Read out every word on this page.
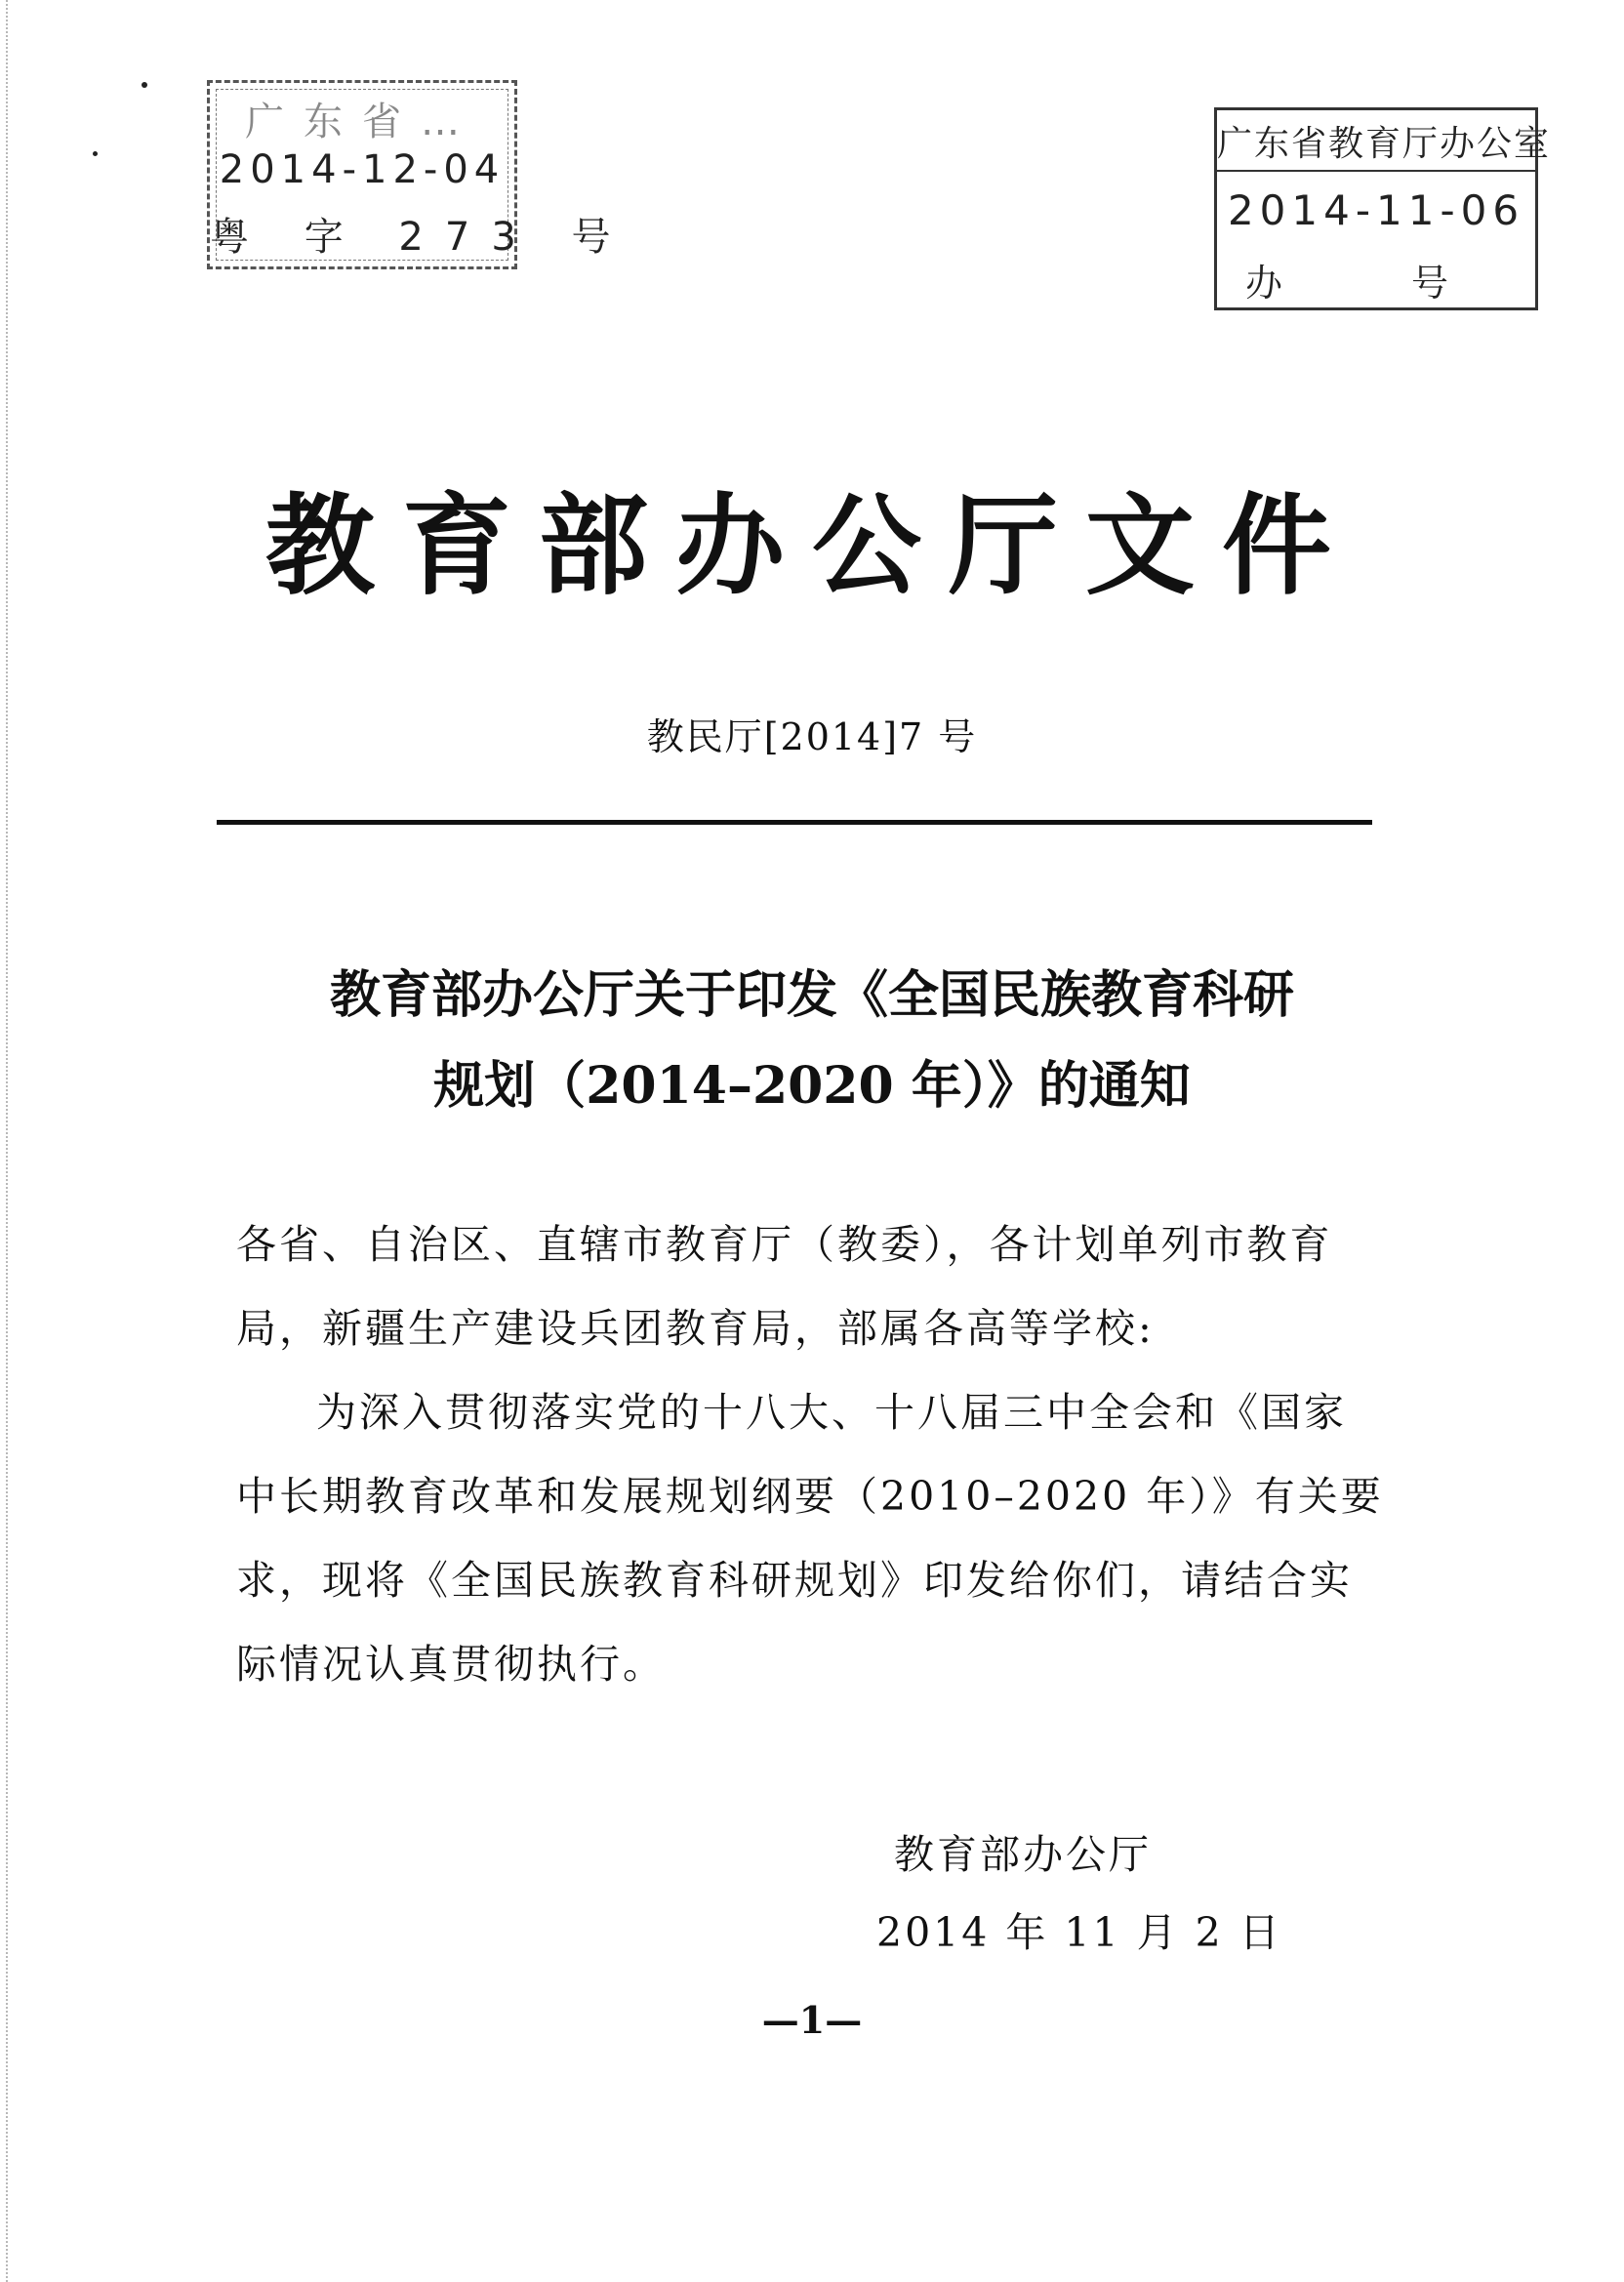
广东省…
2014-12-04
粤 字 273 号
广东省教育厅办公室
2014-11-06
办 号
教育部办公厅文件
教民厅[2014]7 号
教育部办公厅关于印发《全国民族教育科研
规划（2014–2020 年）》的通知
各省、自治区、直辖市教育厅（教委），各计划单列市教育局，新疆生产建设兵团教育局，部属各高等学校:
为深入贯彻落实党的十八大、十八届三中全会和《国家中长期教育改革和发展规划纲要（2010–2020 年）》有关要求，现将《全国民族教育科研规划》印发给你们，请结合实际情况认真贯彻执行。
教育部办公厅
2014 年 11 月 2 日
—1—
